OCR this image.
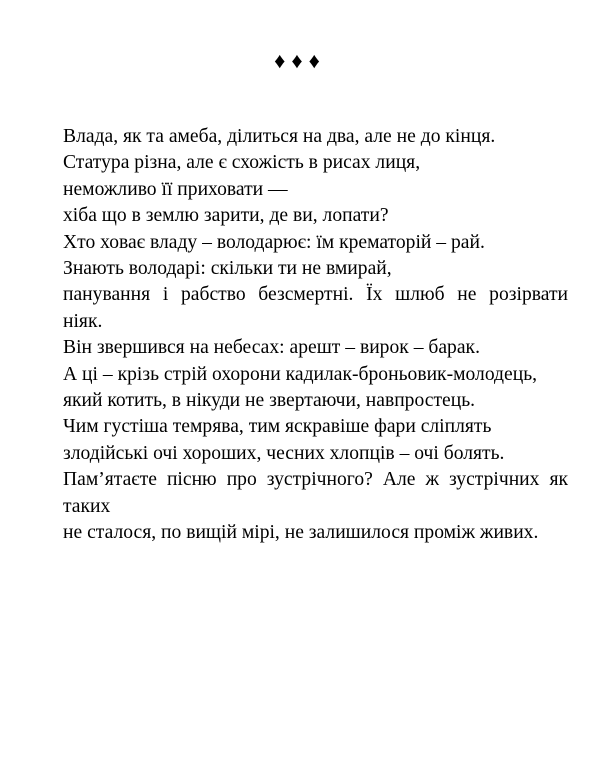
♦♦♦
Влада, як та амеба, ділиться на два, але не до кінця.
Статура різна, але є схожість в рисах лиця,
неможливо її приховати —
хіба що в землю зарити, де ви, лопати?
Хто ховає владу – володарює: їм крематорій – рай.
Знають володарі: скільки ти не вмирай,
панування і рабство безсмертні. Їх шлюб не розірвати
ніяк.
Він звершився на небесах: арешт – вирок – барак.
А ці – крізь стрій охорони кадилак-броньовик-молодець,
який котить, в нікуди не звертаючи, навпростець.
Чим густіша темрява, тим яскравіше фари сліплять
злодійські очі хороших, чесних хлопців – очі болять.
Пам’ятаєте пісню про зустрічного? Але ж зустрічних як
таких
не сталося, по вищій мірі, не залишилося проміж живих.
